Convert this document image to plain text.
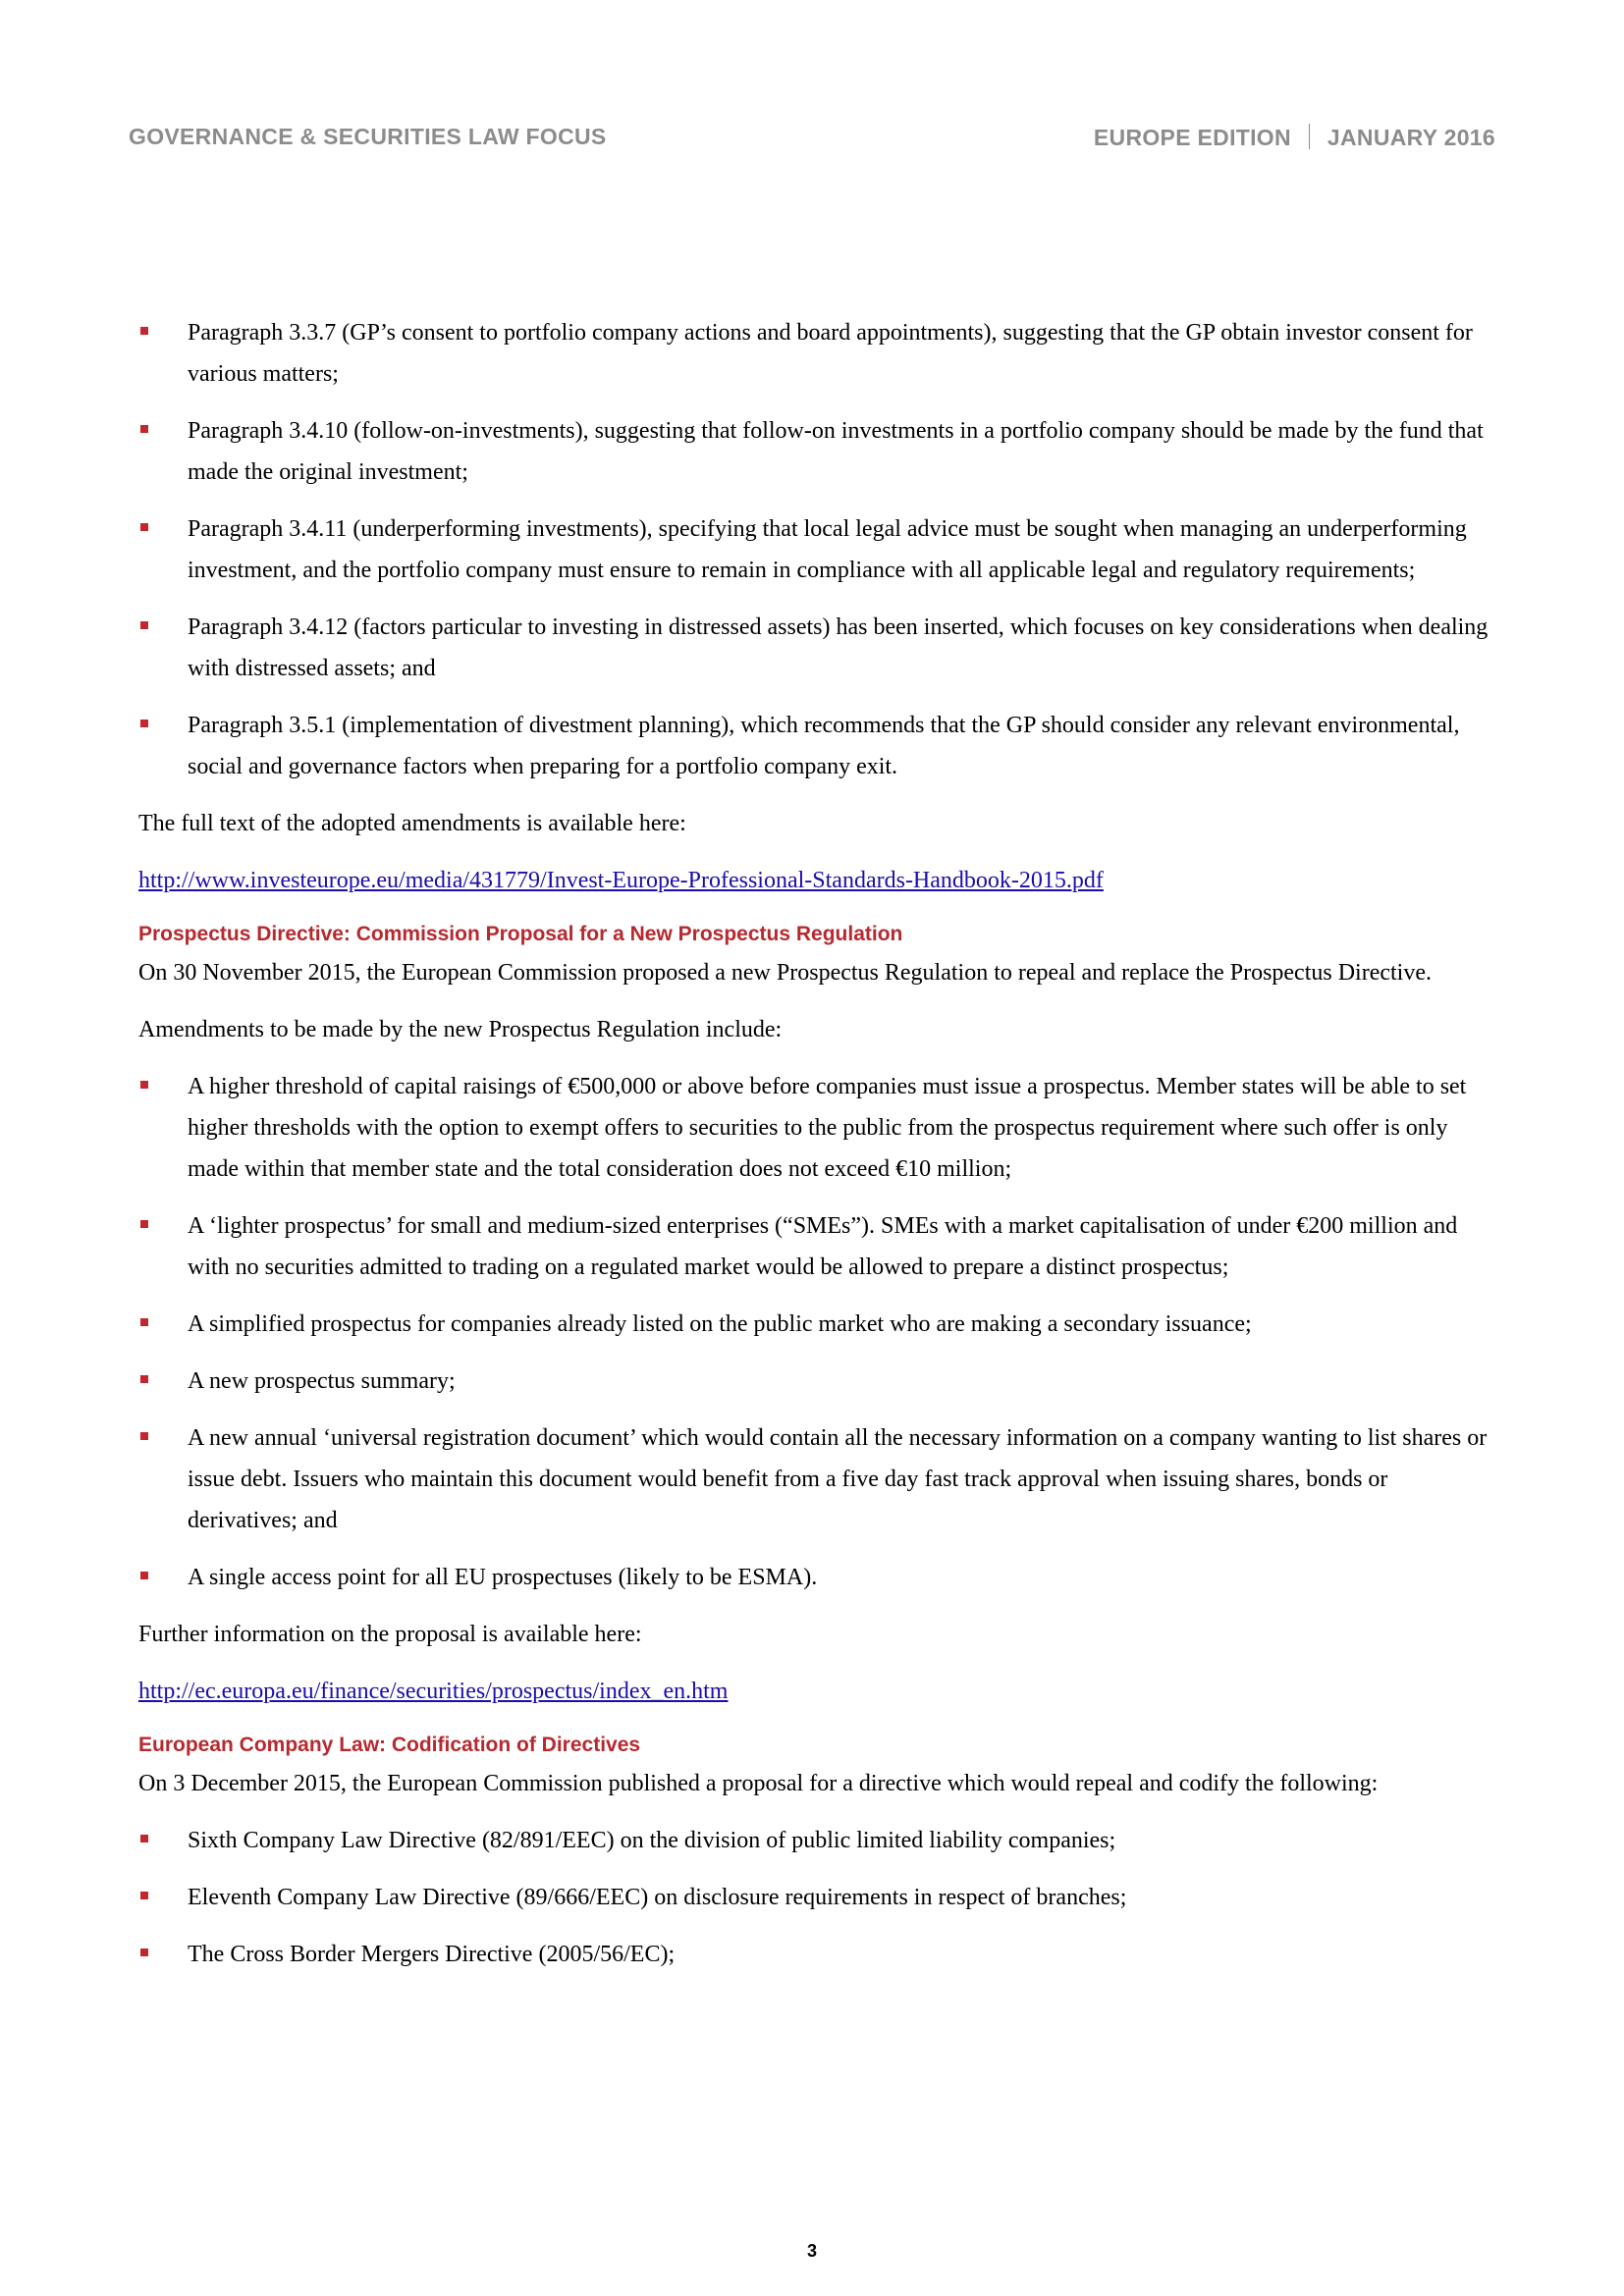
GOVERNANCE & SECURITIES LAW FOCUS	EUROPE EDITION JANUARY 2016
Paragraph 3.3.7 (GP’s consent to portfolio company actions and board appointments), suggesting that the GP obtain investor consent for various matters;
Paragraph 3.4.10 (follow-on-investments), suggesting that follow-on investments in a portfolio company should be made by the fund that made the original investment;
Paragraph 3.4.11 (underperforming investments), specifying that local legal advice must be sought when managing an underperforming investment, and the portfolio company must ensure to remain in compliance with all applicable legal and regulatory requirements;
Paragraph 3.4.12 (factors particular to investing in distressed assets) has been inserted, which focuses on key considerations when dealing with distressed assets; and
Paragraph 3.5.1 (implementation of divestment planning), which recommends that the GP should consider any relevant environmental, social and governance factors when preparing for a portfolio company exit.

The full text of the adopted amendments is available here:

http://www.investeurope.eu/media/431779/Invest-Europe-Professional-Standards-Handbook-2015.pdf

Prospectus Directive: Commission Proposal for a New Prospectus Regulation

On 30 November 2015, the European Commission proposed a new Prospectus Regulation to repeal and replace the Prospectus Directive.

Amendments to be made by the new Prospectus Regulation include:

A higher threshold of capital raisings of €500,000 or above before companies must issue a prospectus. Member states will be able to set higher thresholds with the option to exempt offers to securities to the public from the prospectus requirement where such offer is only made within that member state and the total consideration does not exceed €10 million;
A ‘lighter prospectus’ for small and medium-sized enterprises (“SMEs”). SMEs with a market capitalisation of under €200 million and with no securities admitted to trading on a regulated market would be allowed to prepare a distinct prospectus;
A simplified prospectus for companies already listed on the public market who are making a secondary issuance;
A new prospectus summary;
A new annual ‘universal registration document’ which would contain all the necessary information on a company wanting to list shares or issue debt. Issuers who maintain this document would benefit from a five day fast track approval when issuing shares, bonds or derivatives; and
A single access point for all EU prospectuses (likely to be ESMA).

Further information on the proposal is available here:

http://ec.europa.eu/finance/securities/prospectus/index_en.htm

European Company Law: Codification of Directives

On 3 December 2015, the European Commission published a proposal for a directive which would repeal and codify the following:

Sixth Company Law Directive (82/891/EEC) on the division of public limited liability companies;
Eleventh Company Law Directive (89/666/EEC) on disclosure requirements in respect of branches;
The Cross Border Mergers Directive (2005/56/EC);
3
